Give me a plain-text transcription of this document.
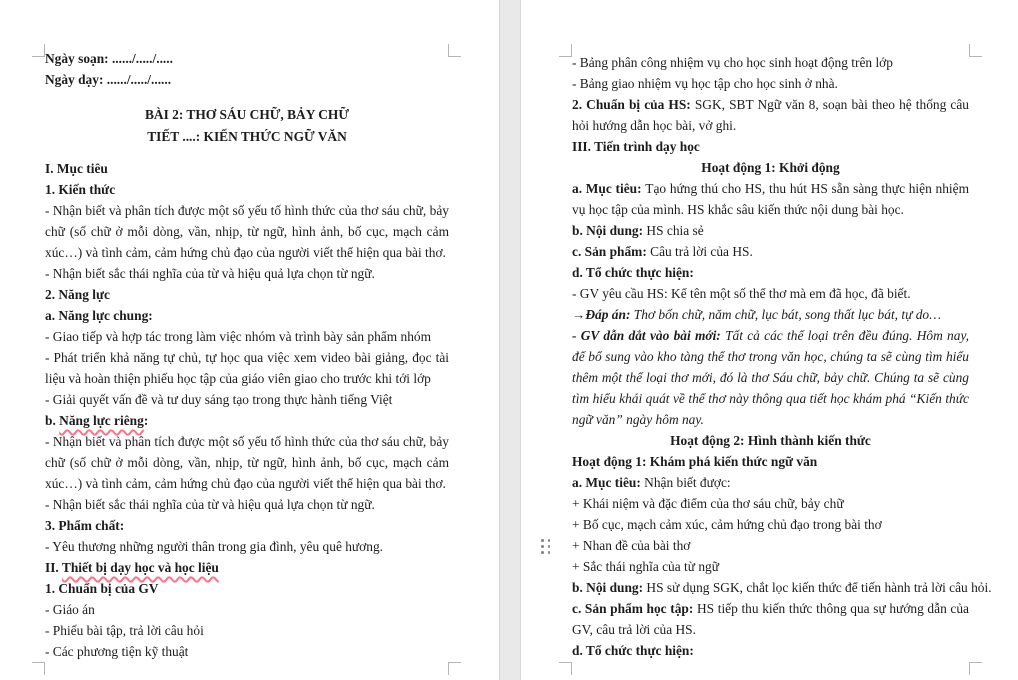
Ngày soạn: ....../...../.....
Ngày dạy: ....../...../......
BÀI 2: THƠ SÁU CHỮ, BẢY CHỮ
TIẾT ....: KIẾN THỨC NGỮ VĂN
I. Mục tiêu
1. Kiến thức
- Nhận biết và phân tích được một số yếu tố hình thức của thơ sáu chữ, bảy chữ (số chữ ở mỗi dòng, vần, nhịp, từ ngữ, hình ảnh, bố cục, mạch cảm xúc…) và tình cảm, cảm hứng chủ đạo của người viết thể hiện qua bài thơ.
- Nhận biết sắc thái nghĩa của từ và hiệu quả lựa chọn từ ngữ.
2. Năng lực
a. Năng lực chung:
- Giao tiếp và hợp tác trong làm việc nhóm và trình bày sản phẩm nhóm
- Phát triển khả năng tự chủ, tự học qua việc xem video bài giảng, đọc tài liệu và hoàn thiện phiếu học tập của giáo viên giao cho trước khi tới lớp
- Giải quyết vấn đề và tư duy sáng tạo trong thực hành tiếng Việt
b. Năng lực riêng:
- Nhận biết và phân tích được một số yếu tố hình thức của thơ sáu chữ, bảy chữ (số chữ ở mỗi dòng, vần, nhịp, từ ngữ, hình ảnh, bố cục, mạch cảm xúc…) và tình cảm, cảm hứng chủ đạo của người viết thể hiện qua bài thơ.
- Nhận biết sắc thái nghĩa của từ và hiệu quả lựa chọn từ ngữ.
3. Phẩm chất:
- Yêu thương những người thân trong gia đình, yêu quê hương.
II. Thiết bị dạy học và học liệu
1. Chuẩn bị của GV
- Giáo án
- Phiếu bài tập, trả lời câu hỏi
- Các phương tiện kỹ thuật
- Bảng phân công nhiệm vụ cho học sinh hoạt động trên lớp
- Bảng giao nhiệm vụ học tập cho học sinh ở nhà.
2. Chuẩn bị của HS: SGK, SBT Ngữ văn 8, soạn bài theo hệ thống câu hỏi hướng dẫn học bài, vở ghi.
III. Tiến trình dạy học
Hoạt động 1: Khởi động
a. Mục tiêu: Tạo hứng thú cho HS, thu hút HS sẵn sàng thực hiện nhiệm vụ học tập của mình. HS khắc sâu kiến thức nội dung bài học.
b. Nội dung: HS chia sẻ
c. Sản phẩm: Câu trả lời của HS.
d. Tổ chức thực hiện:
- GV yêu cầu HS: Kể tên một số thể thơ mà em đã học, đã biết.
→Đáp án: Thơ bốn chữ, năm chữ, lục bát, song thất lục bát, tự do…
- GV dẫn dắt vào bài mới: Tất cả các thể loại trên đều đúng. Hôm nay, để bổ sung vào kho tàng thể thơ trong văn học, chúng ta sẽ cùng tìm hiểu thêm một thể loại thơ mới, đó là thơ Sáu chữ, bảy chữ. Chúng ta sẽ cùng tìm hiểu khái quát về thể thơ này thông qua tiết học khám phá “Kiến thức ngữ văn” ngày hôm nay.
Hoạt động 2: Hình thành kiến thức
Hoạt động 1: Khám phá kiến thức ngữ văn
a. Mục tiêu: Nhận biết được:
+ Khái niệm và đặc điểm của thơ sáu chữ, bảy chữ
+ Bố cục, mạch cảm xúc, cảm hứng chủ đạo trong bài thơ
+ Nhan đề của bài thơ
+ Sắc thái nghĩa của từ ngữ
b. Nội dung: HS sử dụng SGK, chắt lọc kiến thức để tiến hành trả lời câu hỏi.
c. Sản phẩm học tập: HS tiếp thu kiến thức thông qua sự hướng dẫn của GV, câu trả lời của HS.
d. Tổ chức thực hiện:
